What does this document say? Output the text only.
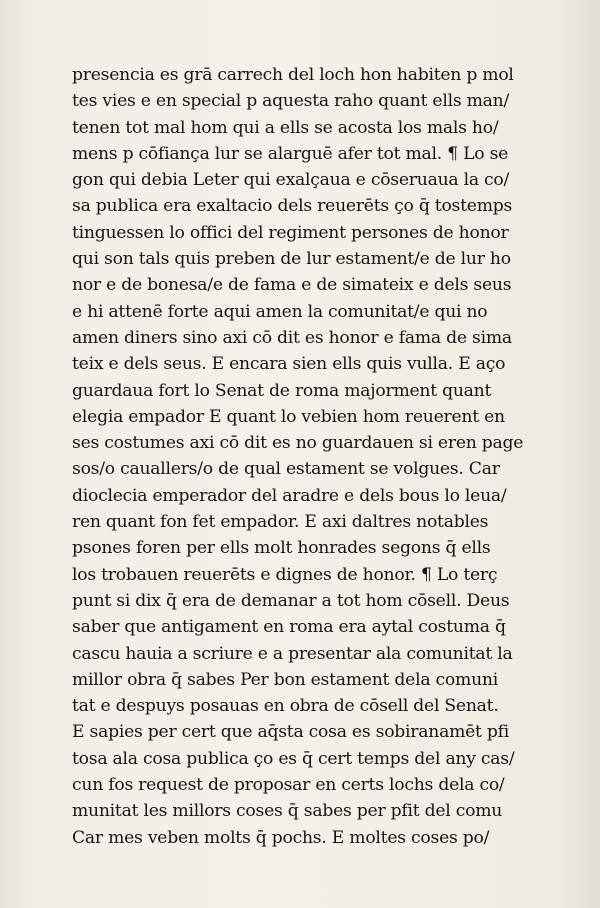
presencia es grā carrech del loch hon habiten p mol
tes vies e en special p aquesta raho quant ells man/
tenen tot mal hom qui a ells se acosta los mals ho/
mens p cōfiança lur se alarguē afer tot mal. ¶ Lo se
gon qui debia Leter qui exalçaua e cōseruaua la co/
sa publica era exaltacio dels reuerēts ço q̄ tostemps
tinguessen lo offici del regiment persones de honor
qui son tals quis preben de lur estament/e de lur ho
nor e de bonesa/e de fama e de simateix e dels seus
e hi attenē forte aqui amen la comunitat/e qui no
amen diners sino axi cō dit es honor e fama de sima
teix e dels seus. E encara sien ells quis vulla. E aço
guardaua fort lo Senat de roma majorment quant
elegia empador E quant lo vebien hom reuerent en
ses costumes axi cō dit es no guardauen si eren page
sos/o cauallers/o de qual estament se volgues. Car
diocleciа emperador del aradre e dels bous lo leua/
ren quant fon fet empador. E axi daltres notables
psones foren per ells molt honrades segons q̄ ells
los trobauen reuerēts e dignes de honor. ¶ Lo terç
punt si dix q̄ era de demanar a tot hom cōsell. Deus
saber que antigament en roma era aytal costuma q̄
cascu hauia a scriure e a presentar ala comunitat la
millor obra q̄ sabes Per bon estament dela comuni
tat e despuys posauas en obra de cōsell del Senat.
E sapies per cert que aq̄sta cosa es sobiranamēt pfi
tosa ala cosa publica ço es q̄ cert temps del any cas/
cun fos request de proposar en certs lochs dela co/
munitat les millors coses q̄ sabes per pfit del comu
Car mes veben molts q̄ pochs. E moltes coses po/
